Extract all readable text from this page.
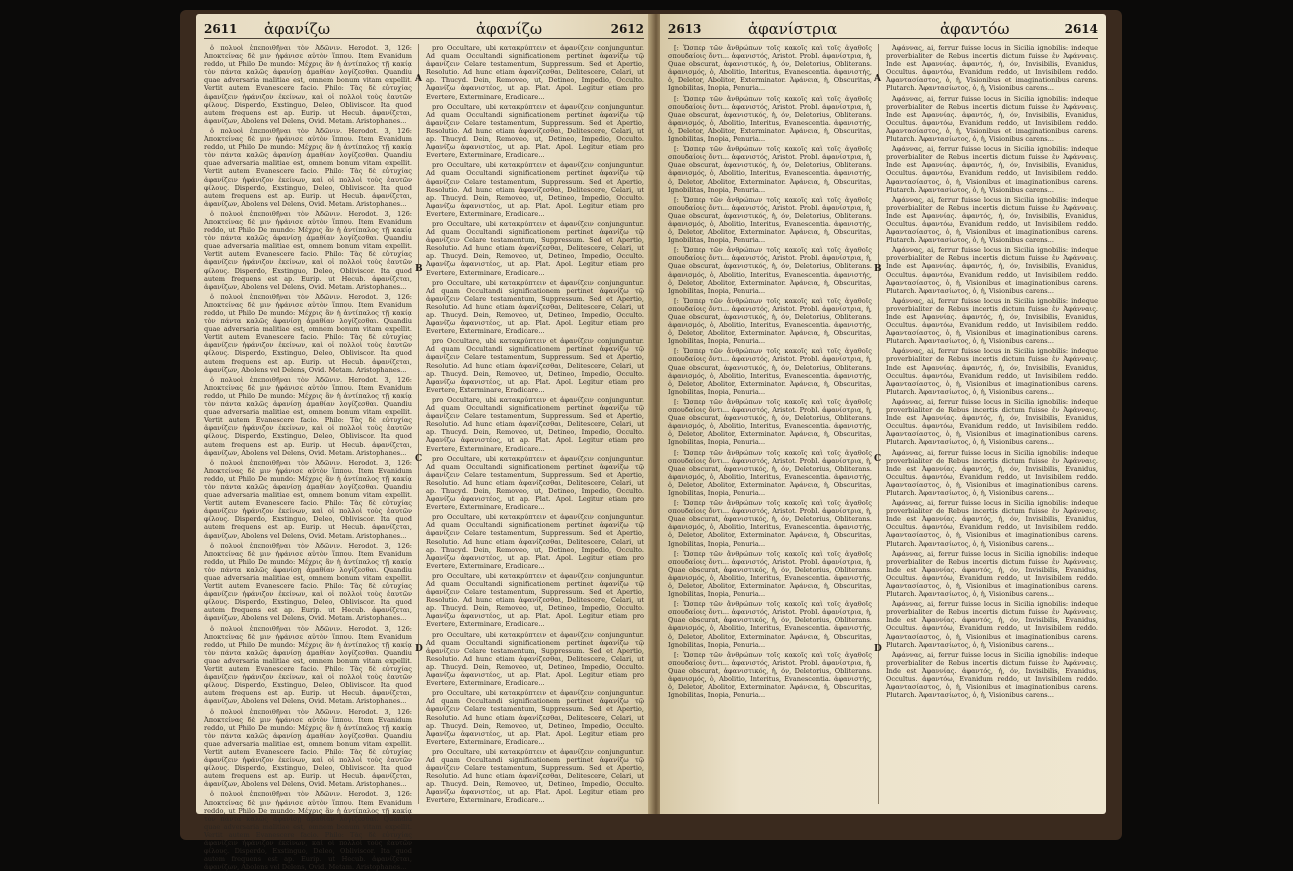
2611 ἀφανίζω	ἀφανίζω	2612

ὁ πολυοὶ ἐπεποιθῆναι τὸν Ἀδῶνιν. Herodot. 3, 126: Ἀποκτείνας δὲ μιν ἠφάνισε αὐτὸν ἵππου. Item Evanidum reddo, ut Philo De mundo: Μέχρις ἂν ἡ ἀντίπαλος τῇ κακίᾳ τὸν πάντα καλῶς ἀφανίσῃ ἀμαθίαν λογίζεσθαι. Quandiu quae adversaria malitiae est, omnem bonum vitam expellit. Vertit autem Evanescere facio. Philo: Τὰς δὲ εὐτυχίας ἀφανίζειν ἠφάνιζον ἐκείνων, καὶ οἱ πολλοὶ τοὺς ἑαυτῶν φίλους. Disperdo, Exstinguo, Deleo, Obliviscor. Ita quod autem frequens est ap. Eurip. ut Hecub. ἀφανίζεται, ἀφανίζων, Abolens vel Delens, Ovid. Metam. Aristophanes...

ὁ πολυοὶ ἐπεποιθῆναι τὸν Ἀδῶνιν. Herodot. 3, 126: Ἀποκτείνας δὲ μιν ἠφάνισε αὐτὸν ἵππου. Item Evanidum reddo, ut Philo De mundo: Μέχρις ἂν ἡ ἀντίπαλος τῇ κακίᾳ τὸν πάντα καλῶς ἀφανίσῃ ἀμαθίαν λογίζεσθαι. Quandiu quae adversaria malitiae est, omnem bonum vitam expellit. Vertit autem Evanescere facio. Philo: Τὰς δὲ εὐτυχίας ἀφανίζειν ἠφάνιζον ἐκείνων, καὶ οἱ πολλοὶ τοὺς ἑαυτῶν φίλους. Disperdo, Exstinguo, Deleo, Obliviscor. Ita quod autem frequens est ap. Eurip. ut Hecub. ἀφανίζεται, ἀφανίζων, Abolens vel Delens, Ovid. Metam. Aristophanes...

ὁ πολυοὶ ἐπεποιθῆναι τὸν Ἀδῶνιν. Herodot. 3, 126: Ἀποκτείνας δὲ μιν ἠφάνισε αὐτὸν ἵππου. Item Evanidum reddo, ut Philo De mundo: Μέχρις ἂν ἡ ἀντίπαλος τῇ κακίᾳ τὸν πάντα καλῶς ἀφανίσῃ ἀμαθίαν λογίζεσθαι. Quandiu quae adversaria malitiae est, omnem bonum vitam expellit. Vertit autem Evanescere facio. Philo: Τὰς δὲ εὐτυχίας ἀφανίζειν ἠφάνιζον ἐκείνων, καὶ οἱ πολλοὶ τοὺς ἑαυτῶν φίλους. Disperdo, Exstinguo, Deleo, Obliviscor. Ita quod autem frequens est ap. Eurip. ut Hecub. ἀφανίζεται, ἀφανίζων, Abolens vel Delens, Ovid. Metam. Aristophanes...

ὁ πολυοὶ ἐπεποιθῆναι τὸν Ἀδῶνιν. Herodot. 3, 126: Ἀποκτείνας δὲ μιν ἠφάνισε αὐτὸν ἵππου. Item Evanidum reddo, ut Philo De mundo: Μέχρις ἂν ἡ ἀντίπαλος τῇ κακίᾳ τὸν πάντα καλῶς ἀφανίσῃ ἀμαθίαν λογίζεσθαι. Quandiu quae adversaria malitiae est, omnem bonum vitam expellit. Vertit autem Evanescere facio. Philo: Τὰς δὲ εὐτυχίας ἀφανίζειν ἠφάνιζον ἐκείνων, καὶ οἱ πολλοὶ τοὺς ἑαυτῶν φίλους. Disperdo, Exstinguo, Deleo, Obliviscor. Ita quod autem frequens est ap. Eurip. ut Hecub. ἀφανίζεται, ἀφανίζων, Abolens vel Delens, Ovid. Metam. Aristophanes...

ὁ πολυοὶ ἐπεποιθῆναι τὸν Ἀδῶνιν. Herodot. 3, 126: Ἀποκτείνας δὲ μιν ἠφάνισε αὐτὸν ἵππου. Item Evanidum reddo, ut Philo De mundo: Μέχρις ἂν ἡ ἀντίπαλος τῇ κακίᾳ τὸν πάντα καλῶς ἀφανίσῃ ἀμαθίαν λογίζεσθαι. Quandiu quae adversaria malitiae est, omnem bonum vitam expellit. Vertit autem Evanescere facio. Philo: Τὰς δὲ εὐτυχίας ἀφανίζειν ἠφάνιζον ἐκείνων, καὶ οἱ πολλοὶ τοὺς ἑαυτῶν φίλους. Disperdo, Exstinguo, Deleo, Obliviscor. Ita quod autem frequens est ap. Eurip. ut Hecub. ἀφανίζεται, ἀφανίζων, Abolens vel Delens, Ovid. Metam. Aristophanes...

ὁ πολυοὶ ἐπεποιθῆναι τὸν Ἀδῶνιν. Herodot. 3, 126: Ἀποκτείνας δὲ μιν ἠφάνισε αὐτὸν ἵππου. Item Evanidum reddo, ut Philo De mundo: Μέχρις ἂν ἡ ἀντίπαλος τῇ κακίᾳ τὸν πάντα καλῶς ἀφανίσῃ ἀμαθίαν λογίζεσθαι. Quandiu quae adversaria malitiae est, omnem bonum vitam expellit. Vertit autem Evanescere facio. Philo: Τὰς δὲ εὐτυχίας ἀφανίζειν ἠφάνιζον ἐκείνων, καὶ οἱ πολλοὶ τοὺς ἑαυτῶν φίλους. Disperdo, Exstinguo, Deleo, Obliviscor. Ita quod autem frequens est ap. Eurip. ut Hecub. ἀφανίζεται, ἀφανίζων, Abolens vel Delens, Ovid. Metam. Aristophanes...

ὁ πολυοὶ ἐπεποιθῆναι τὸν Ἀδῶνιν. Herodot. 3, 126: Ἀποκτείνας δὲ μιν ἠφάνισε αὐτὸν ἵππου. Item Evanidum reddo, ut Philo De mundo: Μέχρις ἂν ἡ ἀντίπαλος τῇ κακίᾳ τὸν πάντα καλῶς ἀφανίσῃ ἀμαθίαν λογίζεσθαι. Quandiu quae adversaria malitiae est, omnem bonum vitam expellit. Vertit autem Evanescere facio. Philo: Τὰς δὲ εὐτυχίας ἀφανίζειν ἠφάνιζον ἐκείνων, καὶ οἱ πολλοὶ τοὺς ἑαυτῶν φίλους. Disperdo, Exstinguo, Deleo, Obliviscor. Ita quod autem frequens est ap. Eurip. ut Hecub. ἀφανίζεται, ἀφανίζων, Abolens vel Delens, Ovid. Metam. Aristophanes...

ὁ πολυοὶ ἐπεποιθῆναι τὸν Ἀδῶνιν. Herodot. 3, 126: Ἀποκτείνας δὲ μιν ἠφάνισε αὐτὸν ἵππου. Item Evanidum reddo, ut Philo De mundo: Μέχρις ἂν ἡ ἀντίπαλος τῇ κακίᾳ τὸν πάντα καλῶς ἀφανίσῃ ἀμαθίαν λογίζεσθαι. Quandiu quae adversaria malitiae est, omnem bonum vitam expellit. Vertit autem Evanescere facio. Philo: Τὰς δὲ εὐτυχίας ἀφανίζειν ἠφάνιζον ἐκείνων, καὶ οἱ πολλοὶ τοὺς ἑαυτῶν φίλους. Disperdo, Exstinguo, Deleo, Obliviscor. Ita quod autem frequens est ap. Eurip. ut Hecub. ἀφανίζεται, ἀφανίζων, Abolens vel Delens, Ovid. Metam. Aristophanes...

ὁ πολυοὶ ἐπεποιθῆναι τὸν Ἀδῶνιν. Herodot. 3, 126: Ἀποκτείνας δὲ μιν ἠφάνισε αὐτὸν ἵππου. Item Evanidum reddo, ut Philo De mundo: Μέχρις ἂν ἡ ἀντίπαλος τῇ κακίᾳ τὸν πάντα καλῶς ἀφανίσῃ ἀμαθίαν λογίζεσθαι. Quandiu quae adversaria malitiae est, omnem bonum vitam expellit. Vertit autem Evanescere facio. Philo: Τὰς δὲ εὐτυχίας ἀφανίζειν ἠφάνιζον ἐκείνων, καὶ οἱ πολλοὶ τοὺς ἑαυτῶν φίλους. Disperdo, Exstinguo, Deleo, Obliviscor. Ita quod autem frequens est ap. Eurip. ut Hecub. ἀφανίζεται, ἀφανίζων, Abolens vel Delens, Ovid. Metam. Aristophanes...

ὁ πολυοὶ ἐπεποιθῆναι τὸν Ἀδῶνιν. Herodot. 3, 126: Ἀποκτείνας δὲ μιν ἠφάνισε αὐτὸν ἵππου. Item Evanidum reddo, ut Philo De mundo: Μέχρις ἂν ἡ ἀντίπαλος τῇ κακίᾳ τὸν πάντα καλῶς ἀφανίσῃ ἀμαθίαν λογίζεσθαι. Quandiu quae adversaria malitiae est, omnem bonum vitam expellit. Vertit autem Evanescere facio. Philo: Τὰς δὲ εὐτυχίας ἀφανίζειν ἠφάνιζον ἐκείνων, καὶ οἱ πολλοὶ τοὺς ἑαυτῶν φίλους. Disperdo, Exstinguo, Deleo, Obliviscor. Ita quod autem frequens est ap. Eurip. ut Hecub. ἀφανίζεται, ἀφανίζων, Abolens vel Delens, Ovid. Metam. Aristophanes...

pro Occultare, ubi κατακρύπτειν et ἀφανίζειν conjunguntur. Ad quam Occultandi significationem pertinet ἀφανίζω τῷ ἀφανίζειν Celare testamentum, Suppressum. Sed et Apertio, Resolutio. Ad hunc etiam ἀφανίζεσθαι, Delitescere, Celari, ut ap. Thucyd. Dein, Removeo, ut, Detineo, Impedio, Occulto. Ἀφανίζω ἀφανιστέος, ut ap. Plat. Apol. Legitur etiam pro Evertere, Exterminare, Eradicare...

pro Occultare, ubi κατακρύπτειν et ἀφανίζειν conjunguntur. Ad quam Occultandi significationem pertinet ἀφανίζω τῷ ἀφανίζειν Celare testamentum, Suppressum. Sed et Apertio, Resolutio. Ad hunc etiam ἀφανίζεσθαι, Delitescere, Celari, ut ap. Thucyd. Dein, Removeo, ut, Detineo, Impedio, Occulto. Ἀφανίζω ἀφανιστέος, ut ap. Plat. Apol. Legitur etiam pro Evertere, Exterminare, Eradicare...

pro Occultare, ubi κατακρύπτειν et ἀφανίζειν conjunguntur. Ad quam Occultandi significationem pertinet ἀφανίζω τῷ ἀφανίζειν Celare testamentum, Suppressum. Sed et Apertio, Resolutio. Ad hunc etiam ἀφανίζεσθαι, Delitescere, Celari, ut ap. Thucyd. Dein, Removeo, ut, Detineo, Impedio, Occulto. Ἀφανίζω ἀφανιστέος, ut ap. Plat. Apol. Legitur etiam pro Evertere, Exterminare, Eradicare...

pro Occultare, ubi κατακρύπτειν et ἀφανίζειν conjunguntur. Ad quam Occultandi significationem pertinet ἀφανίζω τῷ ἀφανίζειν Celare testamentum, Suppressum. Sed et Apertio, Resolutio. Ad hunc etiam ἀφανίζεσθαι, Delitescere, Celari, ut ap. Thucyd. Dein, Removeo, ut, Detineo, Impedio, Occulto. Ἀφανίζω ἀφανιστέος, ut ap. Plat. Apol. Legitur etiam pro Evertere, Exterminare, Eradicare...

pro Occultare, ubi κατακρύπτειν et ἀφανίζειν conjunguntur. Ad quam Occultandi significationem pertinet ἀφανίζω τῷ ἀφανίζειν Celare testamentum, Suppressum. Sed et Apertio, Resolutio. Ad hunc etiam ἀφανίζεσθαι, Delitescere, Celari, ut ap. Thucyd. Dein, Removeo, ut, Detineo, Impedio, Occulto. Ἀφανίζω ἀφανιστέος, ut ap. Plat. Apol. Legitur etiam pro Evertere, Exterminare, Eradicare...

pro Occultare, ubi κατακρύπτειν et ἀφανίζειν conjunguntur. Ad quam Occultandi significationem pertinet ἀφανίζω τῷ ἀφανίζειν Celare testamentum, Suppressum. Sed et Apertio, Resolutio. Ad hunc etiam ἀφανίζεσθαι, Delitescere, Celari, ut ap. Thucyd. Dein, Removeo, ut, Detineo, Impedio, Occulto. Ἀφανίζω ἀφανιστέος, ut ap. Plat. Apol. Legitur etiam pro Evertere, Exterminare, Eradicare...

pro Occultare, ubi κατακρύπτειν et ἀφανίζειν conjunguntur. Ad quam Occultandi significationem pertinet ἀφανίζω τῷ ἀφανίζειν Celare testamentum, Suppressum. Sed et Apertio, Resolutio. Ad hunc etiam ἀφανίζεσθαι, Delitescere, Celari, ut ap. Thucyd. Dein, Removeo, ut, Detineo, Impedio, Occulto. Ἀφανίζω ἀφανιστέος, ut ap. Plat. Apol. Legitur etiam pro Evertere, Exterminare, Eradicare...

pro Occultare, ubi κατακρύπτειν et ἀφανίζειν conjunguntur. Ad quam Occultandi significationem pertinet ἀφανίζω τῷ ἀφανίζειν Celare testamentum, Suppressum. Sed et Apertio, Resolutio. Ad hunc etiam ἀφανίζεσθαι, Delitescere, Celari, ut ap. Thucyd. Dein, Removeo, ut, Detineo, Impedio, Occulto. Ἀφανίζω ἀφανιστέος, ut ap. Plat. Apol. Legitur etiam pro Evertere, Exterminare, Eradicare...

pro Occultare, ubi κατακρύπτειν et ἀφανίζειν conjunguntur. Ad quam Occultandi significationem pertinet ἀφανίζω τῷ ἀφανίζειν Celare testamentum, Suppressum. Sed et Apertio, Resolutio. Ad hunc etiam ἀφανίζεσθαι, Delitescere, Celari, ut ap. Thucyd. Dein, Removeo, ut, Detineo, Impedio, Occulto. Ἀφανίζω ἀφανιστέος, ut ap. Plat. Apol. Legitur etiam pro Evertere, Exterminare, Eradicare...

pro Occultare, ubi κατακρύπτειν et ἀφανίζειν conjunguntur. Ad quam Occultandi significationem pertinet ἀφανίζω τῷ ἀφανίζειν Celare testamentum, Suppressum. Sed et Apertio, Resolutio. Ad hunc etiam ἀφανίζεσθαι, Delitescere, Celari, ut ap. Thucyd. Dein, Removeo, ut, Detineo, Impedio, Occulto. Ἀφανίζω ἀφανιστέος, ut ap. Plat. Apol. Legitur etiam pro Evertere, Exterminare, Eradicare...

pro Occultare, ubi κατακρύπτειν et ἀφανίζειν conjunguntur. Ad quam Occultandi significationem pertinet ἀφανίζω τῷ ἀφανίζειν Celare testamentum, Suppressum. Sed et Apertio, Resolutio. Ad hunc etiam ἀφανίζεσθαι, Delitescere, Celari, ut ap. Thucyd. Dein, Removeo, ut, Detineo, Impedio, Occulto. Ἀφανίζω ἀφανιστέος, ut ap. Plat. Apol. Legitur etiam pro Evertere, Exterminare, Eradicare...

pro Occultare, ubi κατακρύπτειν et ἀφανίζειν conjunguntur. Ad quam Occultandi significationem pertinet ἀφανίζω τῷ ἀφανίζειν Celare testamentum, Suppressum. Sed et Apertio, Resolutio. Ad hunc etiam ἀφανίζεσθαι, Delitescere, Celari, ut ap. Thucyd. Dein, Removeo, ut, Detineo, Impedio, Occulto. Ἀφανίζω ἀφανιστέος, ut ap. Plat. Apol. Legitur etiam pro Evertere, Exterminare, Eradicare...

pro Occultare, ubi κατακρύπτειν et ἀφανίζειν conjunguntur. Ad quam Occultandi significationem pertinet ἀφανίζω τῷ ἀφανίζειν Celare testamentum, Suppressum. Sed et Apertio, Resolutio. Ad hunc etiam ἀφανίζεσθαι, Delitescere, Celari, ut ap. Thucyd. Dein, Removeo, ut, Detineo, Impedio, Occulto. Ἀφανίζω ἀφανιστέος, ut ap. Plat. Apol. Legitur etiam pro Evertere, Exterminare, Eradicare...

A
B
C
D
2613	ἀφανίστρια	ἀφαντόω	2614

[: Ὥσπερ τῶν ἄνθρώπων τοῖς κακοῖς καὶ τοῖς ἀγαθοῖς σπουδαίοις ὄντι... ἀφανιστός, Aristot. Probl. ἀφανίστρια, ἡ, Quae obscurat, ἀφανιστικός, ἡ, όν, Deletorius, Obliterans. ἀφανισμός, ὁ, Abolitio, Interitus, Evanescentia. ἀφανιστής, ὁ, Deletor, Abolitor, Exterminator. Ἀφάνεια, ἡ, Obscuritas, Ignobilitas, Inopia, Penuria...

[: Ὥσπερ τῶν ἄνθρώπων τοῖς κακοῖς καὶ τοῖς ἀγαθοῖς σπουδαίοις ὄντι... ἀφανιστός, Aristot. Probl. ἀφανίστρια, ἡ, Quae obscurat, ἀφανιστικός, ἡ, όν, Deletorius, Obliterans. ἀφανισμός, ὁ, Abolitio, Interitus, Evanescentia. ἀφανιστής, ὁ, Deletor, Abolitor, Exterminator. Ἀφάνεια, ἡ, Obscuritas, Ignobilitas, Inopia, Penuria...

[: Ὥσπερ τῶν ἄνθρώπων τοῖς κακοῖς καὶ τοῖς ἀγαθοῖς σπουδαίοις ὄντι... ἀφανιστός, Aristot. Probl. ἀφανίστρια, ἡ, Quae obscurat, ἀφανιστικός, ἡ, όν, Deletorius, Obliterans. ἀφανισμός, ὁ, Abolitio, Interitus, Evanescentia. ἀφανιστής, ὁ, Deletor, Abolitor, Exterminator. Ἀφάνεια, ἡ, Obscuritas, Ignobilitas, Inopia, Penuria...

[: Ὥσπερ τῶν ἄνθρώπων τοῖς κακοῖς καὶ τοῖς ἀγαθοῖς σπουδαίοις ὄντι... ἀφανιστός, Aristot. Probl. ἀφανίστρια, ἡ, Quae obscurat, ἀφανιστικός, ἡ, όν, Deletorius, Obliterans. ἀφανισμός, ὁ, Abolitio, Interitus, Evanescentia. ἀφανιστής, ὁ, Deletor, Abolitor, Exterminator. Ἀφάνεια, ἡ, Obscuritas, Ignobilitas, Inopia, Penuria...

[: Ὥσπερ τῶν ἄνθρώπων τοῖς κακοῖς καὶ τοῖς ἀγαθοῖς σπουδαίοις ὄντι... ἀφανιστός, Aristot. Probl. ἀφανίστρια, ἡ, Quae obscurat, ἀφανιστικός, ἡ, όν, Deletorius, Obliterans. ἀφανισμός, ὁ, Abolitio, Interitus, Evanescentia. ἀφανιστής, ὁ, Deletor, Abolitor, Exterminator. Ἀφάνεια, ἡ, Obscuritas, Ignobilitas, Inopia, Penuria...

[: Ὥσπερ τῶν ἄνθρώπων τοῖς κακοῖς καὶ τοῖς ἀγαθοῖς σπουδαίοις ὄντι... ἀφανιστός, Aristot. Probl. ἀφανίστρια, ἡ, Quae obscurat, ἀφανιστικός, ἡ, όν, Deletorius, Obliterans. ἀφανισμός, ὁ, Abolitio, Interitus, Evanescentia. ἀφανιστής, ὁ, Deletor, Abolitor, Exterminator. Ἀφάνεια, ἡ, Obscuritas, Ignobilitas, Inopia, Penuria...

[: Ὥσπερ τῶν ἄνθρώπων τοῖς κακοῖς καὶ τοῖς ἀγαθοῖς σπουδαίοις ὄντι... ἀφανιστός, Aristot. Probl. ἀφανίστρια, ἡ, Quae obscurat, ἀφανιστικός, ἡ, όν, Deletorius, Obliterans. ἀφανισμός, ὁ, Abolitio, Interitus, Evanescentia. ἀφανιστής, ὁ, Deletor, Abolitor, Exterminator. Ἀφάνεια, ἡ, Obscuritas, Ignobilitas, Inopia, Penuria...

[: Ὥσπερ τῶν ἄνθρώπων τοῖς κακοῖς καὶ τοῖς ἀγαθοῖς σπουδαίοις ὄντι... ἀφανιστός, Aristot. Probl. ἀφανίστρια, ἡ, Quae obscurat, ἀφανιστικός, ἡ, όν, Deletorius, Obliterans. ἀφανισμός, ὁ, Abolitio, Interitus, Evanescentia. ἀφανιστής, ὁ, Deletor, Abolitor, Exterminator. Ἀφάνεια, ἡ, Obscuritas, Ignobilitas, Inopia, Penuria...

[: Ὥσπερ τῶν ἄνθρώπων τοῖς κακοῖς καὶ τοῖς ἀγαθοῖς σπουδαίοις ὄντι... ἀφανιστός, Aristot. Probl. ἀφανίστρια, ἡ, Quae obscurat, ἀφανιστικός, ἡ, όν, Deletorius, Obliterans. ἀφανισμός, ὁ, Abolitio, Interitus, Evanescentia. ἀφανιστής, ὁ, Deletor, Abolitor, Exterminator. Ἀφάνεια, ἡ, Obscuritas, Ignobilitas, Inopia, Penuria...

[: Ὥσπερ τῶν ἄνθρώπων τοῖς κακοῖς καὶ τοῖς ἀγαθοῖς σπουδαίοις ὄντι... ἀφανιστός, Aristot. Probl. ἀφανίστρια, ἡ, Quae obscurat, ἀφανιστικός, ἡ, όν, Deletorius, Obliterans. ἀφανισμός, ὁ, Abolitio, Interitus, Evanescentia. ἀφανιστής, ὁ, Deletor, Abolitor, Exterminator. Ἀφάνεια, ἡ, Obscuritas, Ignobilitas, Inopia, Penuria...

[: Ὥσπερ τῶν ἄνθρώπων τοῖς κακοῖς καὶ τοῖς ἀγαθοῖς σπουδαίοις ὄντι... ἀφανιστός, Aristot. Probl. ἀφανίστρια, ἡ, Quae obscurat, ἀφανιστικός, ἡ, όν, Deletorius, Obliterans. ἀφανισμός, ὁ, Abolitio, Interitus, Evanescentia. ἀφανιστής, ὁ, Deletor, Abolitor, Exterminator. Ἀφάνεια, ἡ, Obscuritas, Ignobilitas, Inopia, Penuria...

[: Ὥσπερ τῶν ἄνθρώπων τοῖς κακοῖς καὶ τοῖς ἀγαθοῖς σπουδαίοις ὄντι... ἀφανιστός, Aristot. Probl. ἀφανίστρια, ἡ, Quae obscurat, ἀφανιστικός, ἡ, όν, Deletorius, Obliterans. ἀφανισμός, ὁ, Abolitio, Interitus, Evanescentia. ἀφανιστής, ὁ, Deletor, Abolitor, Exterminator. Ἀφάνεια, ἡ, Obscuritas, Ignobilitas, Inopia, Penuria...

[: Ὥσπερ τῶν ἄνθρώπων τοῖς κακοῖς καὶ τοῖς ἀγαθοῖς σπουδαίοις ὄντι... ἀφανιστός, Aristot. Probl. ἀφανίστρια, ἡ, Quae obscurat, ἀφανιστικός, ἡ, όν, Deletorius, Obliterans. ἀφανισμός, ὁ, Abolitio, Interitus, Evanescentia. ἀφανιστής, ὁ, Deletor, Abolitor, Exterminator. Ἀφάνεια, ἡ, Obscuritas, Ignobilitas, Inopia, Penuria...

Ἀφάννας, ai, ferrur fuisse locus in Sicilia ignobilis: indeque proverbialiter de Rebus incertis dictum fuisse ἐν Ἀφάνναις. Inde est Ἀφαννίας. ἀφαντός, ἡ, όν, Invisibilis, Evanidus, Occultus. ἀφαντόω, Evanidum reddo, ut Invisibilem reddo. Ἀφαντασίαστος, ὁ, ἡ, Visionibus et imaginationibus carens. Plutarch. Ἀφαντασίωτος, ὁ, ἡ, Visionibus carens...

Ἀφάννας, ai, ferrur fuisse locus in Sicilia ignobilis: indeque proverbialiter de Rebus incertis dictum fuisse ἐν Ἀφάνναις. Inde est Ἀφαννίας. ἀφαντός, ἡ, όν, Invisibilis, Evanidus, Occultus. ἀφαντόω, Evanidum reddo, ut Invisibilem reddo. Ἀφαντασίαστος, ὁ, ἡ, Visionibus et imaginationibus carens. Plutarch. Ἀφαντασίωτος, ὁ, ἡ, Visionibus carens...

Ἀφάννας, ai, ferrur fuisse locus in Sicilia ignobilis: indeque proverbialiter de Rebus incertis dictum fuisse ἐν Ἀφάνναις. Inde est Ἀφαννίας. ἀφαντός, ἡ, όν, Invisibilis, Evanidus, Occultus. ἀφαντόω, Evanidum reddo, ut Invisibilem reddo. Ἀφαντασίαστος, ὁ, ἡ, Visionibus et imaginationibus carens. Plutarch. Ἀφαντασίωτος, ὁ, ἡ, Visionibus carens...

Ἀφάννας, ai, ferrur fuisse locus in Sicilia ignobilis: indeque proverbialiter de Rebus incertis dictum fuisse ἐν Ἀφάνναις. Inde est Ἀφαννίας. ἀφαντός, ἡ, όν, Invisibilis, Evanidus, Occultus. ἀφαντόω, Evanidum reddo, ut Invisibilem reddo. Ἀφαντασίαστος, ὁ, ἡ, Visionibus et imaginationibus carens. Plutarch. Ἀφαντασίωτος, ὁ, ἡ, Visionibus carens...

Ἀφάννας, ai, ferrur fuisse locus in Sicilia ignobilis: indeque proverbialiter de Rebus incertis dictum fuisse ἐν Ἀφάνναις. Inde est Ἀφαννίας. ἀφαντός, ἡ, όν, Invisibilis, Evanidus, Occultus. ἀφαντόω, Evanidum reddo, ut Invisibilem reddo. Ἀφαντασίαστος, ὁ, ἡ, Visionibus et imaginationibus carens. Plutarch. Ἀφαντασίωτος, ὁ, ἡ, Visionibus carens...

Ἀφάννας, ai, ferrur fuisse locus in Sicilia ignobilis: indeque proverbialiter de Rebus incertis dictum fuisse ἐν Ἀφάνναις. Inde est Ἀφαννίας. ἀφαντός, ἡ, όν, Invisibilis, Evanidus, Occultus. ἀφαντόω, Evanidum reddo, ut Invisibilem reddo. Ἀφαντασίαστος, ὁ, ἡ, Visionibus et imaginationibus carens. Plutarch. Ἀφαντασίωτος, ὁ, ἡ, Visionibus carens...

Ἀφάννας, ai, ferrur fuisse locus in Sicilia ignobilis: indeque proverbialiter de Rebus incertis dictum fuisse ἐν Ἀφάνναις. Inde est Ἀφαννίας. ἀφαντός, ἡ, όν, Invisibilis, Evanidus, Occultus. ἀφαντόω, Evanidum reddo, ut Invisibilem reddo. Ἀφαντασίαστος, ὁ, ἡ, Visionibus et imaginationibus carens. Plutarch. Ἀφαντασίωτος, ὁ, ἡ, Visionibus carens...

Ἀφάννας, ai, ferrur fuisse locus in Sicilia ignobilis: indeque proverbialiter de Rebus incertis dictum fuisse ἐν Ἀφάνναις. Inde est Ἀφαννίας. ἀφαντός, ἡ, όν, Invisibilis, Evanidus, Occultus. ἀφαντόω, Evanidum reddo, ut Invisibilem reddo. Ἀφαντασίαστος, ὁ, ἡ, Visionibus et imaginationibus carens. Plutarch. Ἀφαντασίωτος, ὁ, ἡ, Visionibus carens...

Ἀφάννας, ai, ferrur fuisse locus in Sicilia ignobilis: indeque proverbialiter de Rebus incertis dictum fuisse ἐν Ἀφάνναις. Inde est Ἀφαννίας. ἀφαντός, ἡ, όν, Invisibilis, Evanidus, Occultus. ἀφαντόω, Evanidum reddo, ut Invisibilem reddo. Ἀφαντασίαστος, ὁ, ἡ, Visionibus et imaginationibus carens. Plutarch. Ἀφαντασίωτος, ὁ, ἡ, Visionibus carens...

Ἀφάννας, ai, ferrur fuisse locus in Sicilia ignobilis: indeque proverbialiter de Rebus incertis dictum fuisse ἐν Ἀφάνναις. Inde est Ἀφαννίας. ἀφαντός, ἡ, όν, Invisibilis, Evanidus, Occultus. ἀφαντόω, Evanidum reddo, ut Invisibilem reddo. Ἀφαντασίαστος, ὁ, ἡ, Visionibus et imaginationibus carens. Plutarch. Ἀφαντασίωτος, ὁ, ἡ, Visionibus carens...

Ἀφάννας, ai, ferrur fuisse locus in Sicilia ignobilis: indeque proverbialiter de Rebus incertis dictum fuisse ἐν Ἀφάνναις. Inde est Ἀφαννίας. ἀφαντός, ἡ, όν, Invisibilis, Evanidus, Occultus. ἀφαντόω, Evanidum reddo, ut Invisibilem reddo. Ἀφαντασίαστος, ὁ, ἡ, Visionibus et imaginationibus carens. Plutarch. Ἀφαντασίωτος, ὁ, ἡ, Visionibus carens...

Ἀφάννας, ai, ferrur fuisse locus in Sicilia ignobilis: indeque proverbialiter de Rebus incertis dictum fuisse ἐν Ἀφάνναις. Inde est Ἀφαννίας. ἀφαντός, ἡ, όν, Invisibilis, Evanidus, Occultus. ἀφαντόω, Evanidum reddo, ut Invisibilem reddo. Ἀφαντασίαστος, ὁ, ἡ, Visionibus et imaginationibus carens. Plutarch. Ἀφαντασίωτος, ὁ, ἡ, Visionibus carens...

Ἀφάννας, ai, ferrur fuisse locus in Sicilia ignobilis: indeque proverbialiter de Rebus incertis dictum fuisse ἐν Ἀφάνναις. Inde est Ἀφαννίας. ἀφαντός, ἡ, όν, Invisibilis, Evanidus, Occultus. ἀφαντόω, Evanidum reddo, ut Invisibilem reddo. Ἀφαντασίαστος, ὁ, ἡ, Visionibus et imaginationibus carens. Plutarch. Ἀφαντασίωτος, ὁ, ἡ, Visionibus carens...

A
B
C
D
